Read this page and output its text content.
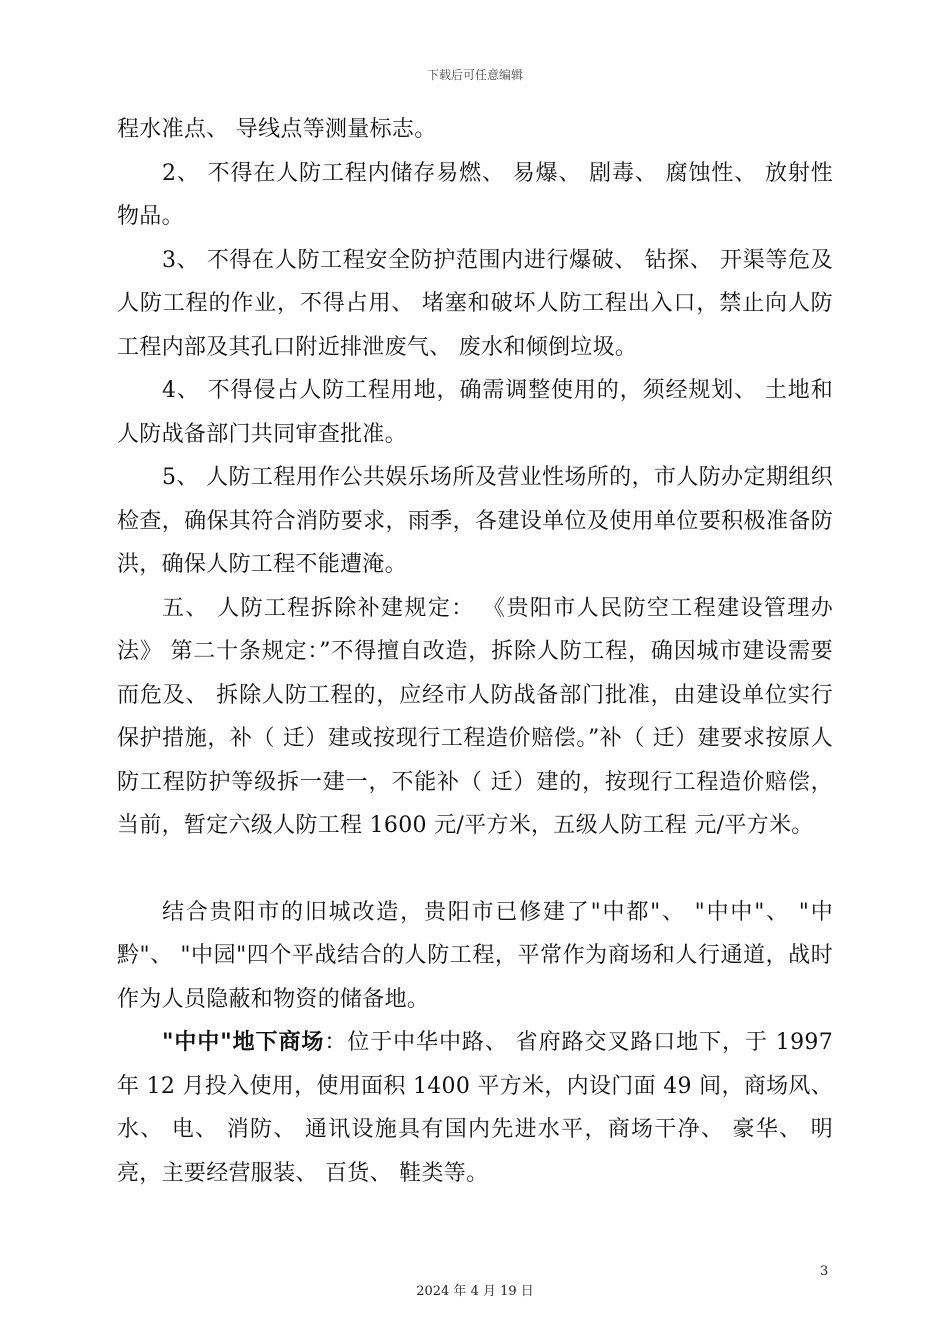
下载后可任意编辑

程水准点、 导线点等测量标志。

2、 不得在人防工程内储存易燃、 易爆、 剧毒、 腐蚀性、 放射性物品。

3、 不得在人防工程安全防护范围内进行爆破、 钻探、 开渠等危及人防工程的作业，不得占用、 堵塞和破坏人防工程出入口，禁止向人防工程内部及其孔口附近排泄废气、 废水和倾倒垃圾。

4、 不得侵占人防工程用地，确需调整使用的，须经规划、 土地和人防战备部门共同审查批准。

5、 人防工程用作公共娱乐场所及营业性场所的，市人防办定期组织检查，确保其符合消防要求，雨季，各建设单位及使用单位要积极准备防洪，确保人防工程不能遭淹。

五、 人防工程拆除补建规定： 《贵阳市人民防空工程建设管理办法》 第二十条规定：”不得擅自改造，拆除人防工程，确因城市建设需要而危及、 拆除人防工程的，应经市人防战备部门批准，由建设单位实行保护措施，补（ 迁）建或按现行工程造价赔偿。”补（ 迁）建要求按原人防工程防护等级拆一建一，不能补（ 迁）建的，按现行工程造价赔偿，当前，暂定六级人防工程 1600 元/平方米，五级人防工程 元/平方米。

结合贵阳市的旧城改造，贵阳市已修建了"中都"、 "中中"、 "中黔"、 "中园"四个平战结合的人防工程，平常作为商场和人行通道，战时作为人员隐蔽和物资的储备地。

"中中"地下商场：位于中华中路、 省府路交叉路口地下，于 1997 年 12 月投入使用，使用面积 1400 平方米，内设门面 49 间，商场风、 水、 电、 消防、 通讯设施具有国内先进水平，商场干净、 豪华、 明亮，主要经营服装、 百货、 鞋类等。

3
2024 年 4 月 19 日
